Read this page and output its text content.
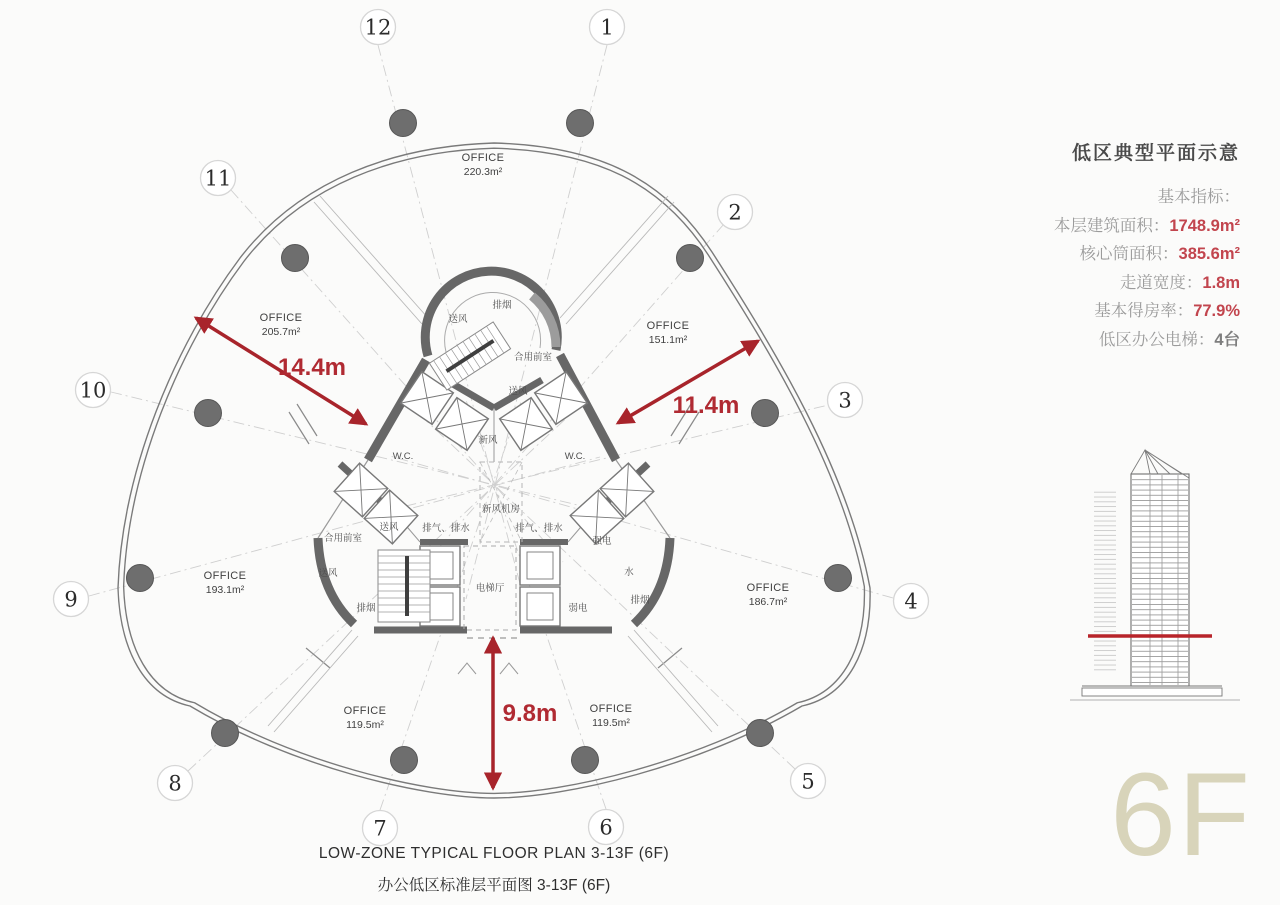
12	1
11
2
10	3
9	4
8	5
7	6
OFFICE
220.3m²
OFFICE
205.7m²	OFFICE
151.1m²
OFFICE
193.1m²	OFFICE
186.7m²
OFFICE
119.5m²
OFFICE
119.5m²
排烟
送风
合用前室
送风
新风
W.C.	W.C.
新风机房
排气、排水	排气、排水
合用前室
送风
强电
送风	水
排烟	弱电
排烟
电梯厅
14.4m
11.4m
9.8m
低区典型平面示意
基本指标：
本层建筑面积：1748.9m²
核心筒面积：385.6m²
走道宽度：1.8m
基本得房率：77.9%
低区办公电梯：4台
LOW-ZONE TYPICAL FLOOR PLAN 3-13F (6F)
办公低区标准层平面图 3-13F (6F)
6F
